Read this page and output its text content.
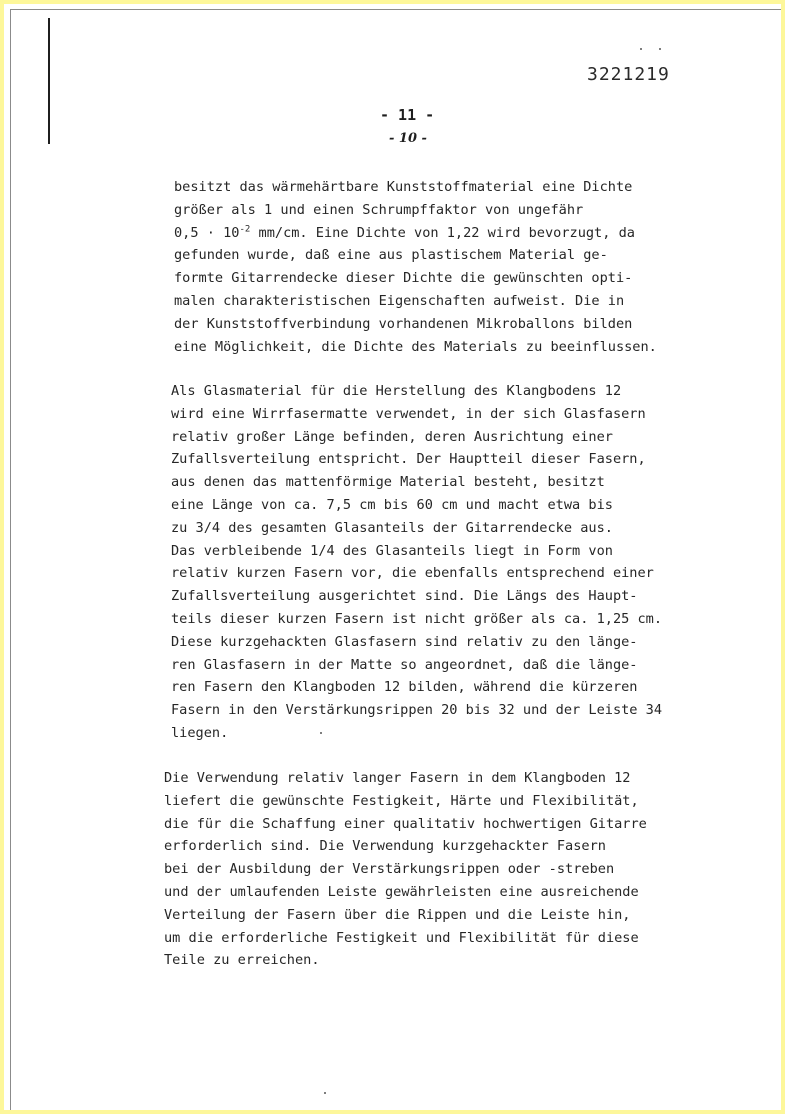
3221219
- 11 -
- 10 -
besitzt das wärmehärtbare Kunststoffmaterial eine Dichte
größer als 1 und einen Schrumpffaktor von ungefähr
$0,5 \cdot 10^{-2}$ mm/cm. Eine Dichte von 1,22 wird bevorzugt, da
gefunden wurde, daß eine aus plastischem Material ge-
formte Gitarrendecke dieser Dichte die gewünschten opti-
malen charakteristischen Eigenschaften aufweist. Die in
der Kunststoffverbindung vorhandenen Mikroballons bilden
eine Möglichkeit, die Dichte des Materials zu beeinflussen.
Als Glasmaterial für die Herstellung des Klangbodens 12
wird eine Wirrfasermatte verwendet, in der sich Glasfasern
relativ großer Länge befinden, deren Ausrichtung einer
Zufallsverteilung entspricht. Der Hauptteil dieser Fasern,
aus denen das mattenförmige Material besteht, besitzt
eine Länge von ca. 7,5 cm bis 60 cm und macht etwa bis
zu 3/4 des gesamten Glasanteils der Gitarrendecke aus.
Das verbleibende 1/4 des Glasanteils liegt in Form von
relativ kurzen Fasern vor, die ebenfalls entsprechend einer
Zufallsverteilung ausgerichtet sind. Die Längs des Haupt-
teils dieser kurzen Fasern ist nicht größer als ca. 1,25 cm.
Diese kurzgehackten Glasfasern sind relativ zu den länge-
ren Glasfasern in der Matte so angeordnet, daß die länge-
ren Fasern den Klangboden 12 bilden, während die kürzeren
Fasern in den Verstärkungsrippen 20 bis 32 und der Leiste 34
liegen.
Die Verwendung relativ langer Fasern in dem Klangboden 12
liefert die gewünschte Festigkeit, Härte und Flexibilität,
die für die Schaffung einer qualitativ hochwertigen Gitarre
erforderlich sind. Die Verwendung kurzgehackter Fasern
bei der Ausbildung der Verstärkungsrippen oder -streben
und der umlaufenden Leiste gewährleisten eine ausreichende
Verteilung der Fasern über die Rippen und die Leiste hin,
um die erforderliche Festigkeit und Flexibilität für diese
Teile zu erreichen.
